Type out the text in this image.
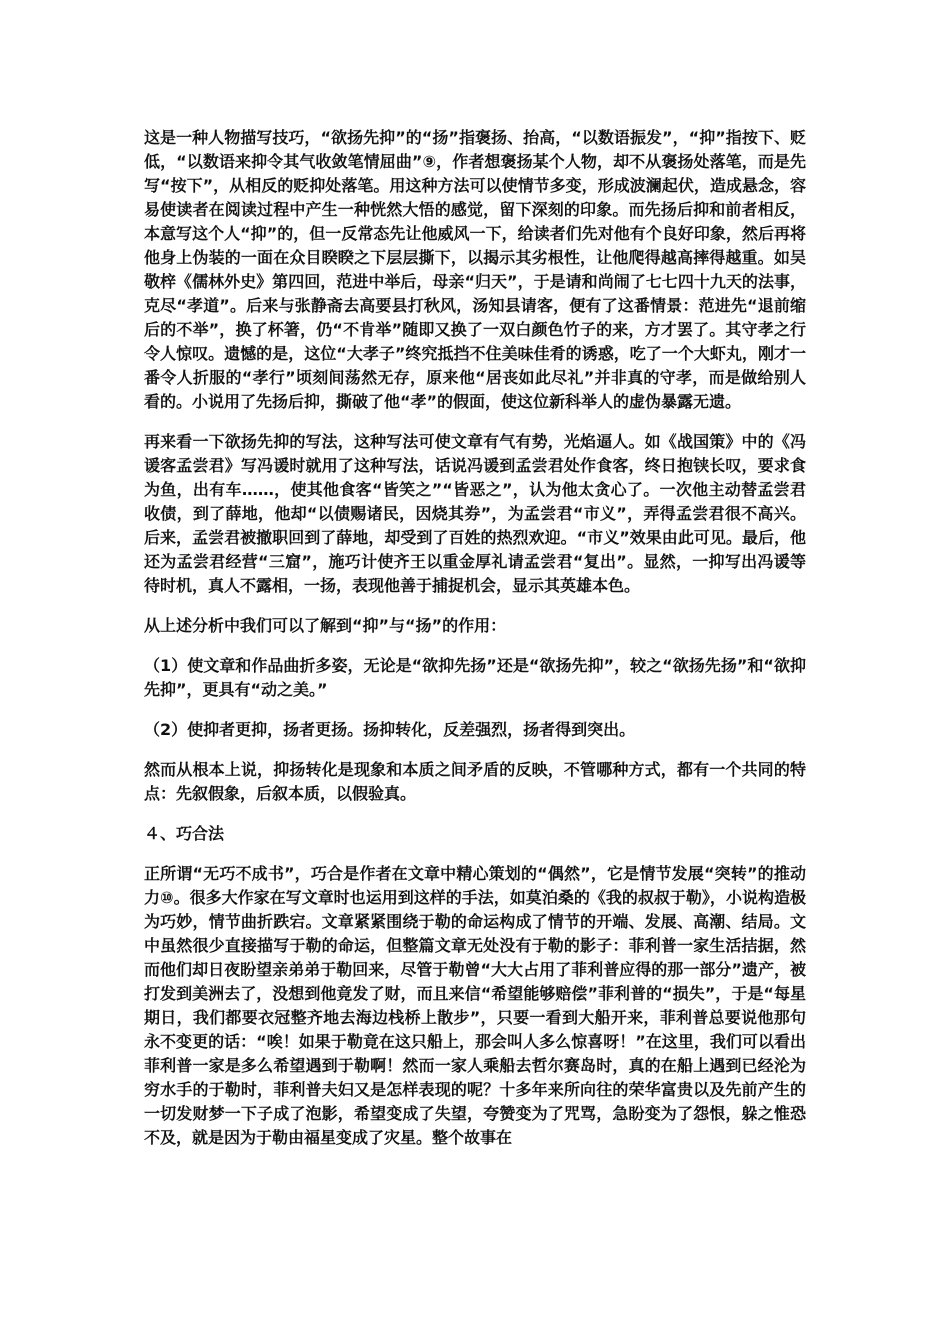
这是一种人物描写技巧，“欲扬先抑”的“扬”指褒扬、抬高，“以数语振发”，“抑”指按下、贬低，“以数语来抑令其气收敛笔情屈曲”⑨，作者想褒扬某个人物，却不从褒扬处落笔，而是先写“按下”，从相反的贬抑处落笔。用这种方法可以使情节多变，形成波澜起伏，造成悬念，容易使读者在阅读过程中产生一种恍然大悟的感觉，留下深刻的印象。而先扬后抑和前者相反，本意写这个人“抑”的，但一反常态先让他威风一下，给读者们先对他有个良好印象，然后再将他身上伪装的一面在众目睽睽之下层层撕下，以揭示其劣根性，让他爬得越高摔得越重。如吴敬梓《儒林外史》第四回，范进中举后，母亲“归天”，于是请和尚闹了七七四十九天的法事，克尽“孝道”。后来与张静斋去高要县打秋风，汤知县请客，便有了这番情景：范进先“退前缩后的不举”，换了杯箸，仍“不肯举”随即又换了一双白颜色竹子的来，方才罢了。其守孝之行令人惊叹。遗憾的是，这位“大孝子”终究抵挡不住美味佳肴的诱惑，吃了一个大虾丸，刚才一番令人折服的“孝行”顷刻间荡然无存，原来他“居丧如此尽礼”并非真的守孝，而是做给别人看的。小说用了先扬后抑，撕破了他“孝”的假面，使这位新科举人的虚伪暴露无遗。

再来看一下欲扬先抑的写法，这种写法可使文章有气有势，光焰逼人。如《战国策》中的《冯谖客孟尝君》写冯谖时就用了这种写法，话说冯谖到孟尝君处作食客，终日抱铗长叹，要求食为鱼，出有车……，使其他食客“皆笑之”“皆恶之”，认为他太贪心了。一次他主动替孟尝君收债，到了薛地，他却“以债赐诸民，因烧其券”，为孟尝君“市义”，弄得孟尝君很不高兴。后来，孟尝君被撤职回到了薛地，却受到了百姓的热烈欢迎。“市义”效果由此可见。最后，他还为孟尝君经营“三窟”，施巧计使齐王以重金厚礼请孟尝君“复出”。显然，一抑写出冯谖等待时机，真人不露相，一扬，表现他善于捕捉机会，显示其英雄本色。

从上述分析中我们可以了解到“抑”与“扬”的作用：

（1）使文章和作品曲折多姿，无论是“欲抑先扬”还是“欲扬先抑”，较之“欲扬先扬”和“欲抑先抑”，更具有“动之美。”

（2）使抑者更抑，扬者更扬。扬抑转化，反差强烈，扬者得到突出。

然而从根本上说，抑扬转化是现象和本质之间矛盾的反映，不管哪种方式，都有一个共同的特点：先叙假象，后叙本质，以假验真。

４、巧合法

正所谓“无巧不成书”，巧合是作者在文章中精心策划的“偶然”，它是情节发展“突转”的推动力⑩。很多大作家在写文章时也运用到这样的手法，如莫泊桑的《我的叔叔于勒》，小说构造极为巧妙，情节曲折跌宕。文章紧紧围绕于勒的命运构成了情节的开端、发展、高潮、结局。文中虽然很少直接描写于勒的命运，但整篇文章无处没有于勒的影子：菲利普一家生活拮据，然而他们却日夜盼望亲弟弟于勒回来，尽管于勒曾“大大占用了菲利普应得的那一部分”遗产，被打发到美洲去了，没想到他竟发了财，而且来信“希望能够赔偿”菲利普的“损失”，于是“每星期日，我们都要衣冠整齐地去海边栈桥上散步”，只要一看到大船开来，菲利普总要说他那句永不变更的话：“唉！如果于勒竟在这只船上，那会叫人多么惊喜呀！”在这里，我们可以看出菲利普一家是多么希望遇到于勒啊！然而一家人乘船去哲尔赛岛时，真的在船上遇到已经沦为穷水手的于勒时，菲利普夫妇又是怎样表现的呢？十多年来所向往的荣华富贵以及先前产生的一切发财梦一下子成了泡影，希望变成了失望，夸赞变为了咒骂，急盼变为了怨恨，躲之惟恐不及，就是因为于勒由福星变成了灾星。整个故事在
